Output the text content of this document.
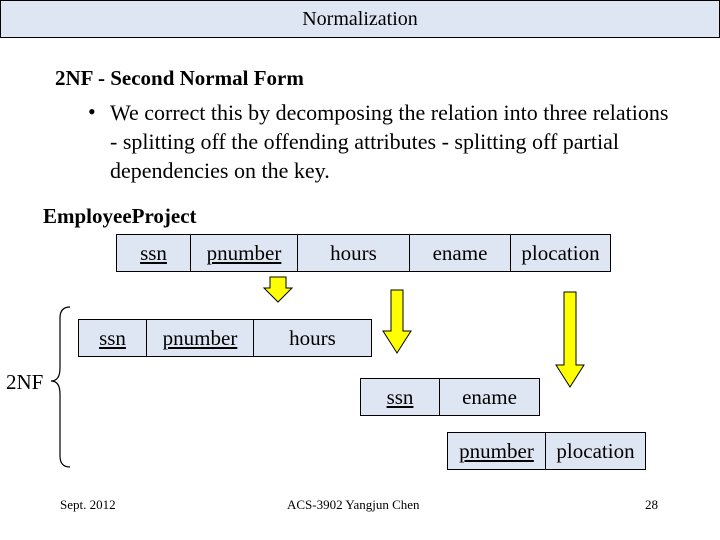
Normalization
2NF - Second Normal Form
• We correct this by decomposing the relation into three relations - splitting off the offending attributes - splitting off partial dependencies on the key.
EmployeeProject
ssn	pnumber	hours	ename	plocation
ssn	pnumber	hours
2NF
ssn	ename
pnumber	plocation
Sept. 2012	ACS-3902 Yangjun Chen	28
